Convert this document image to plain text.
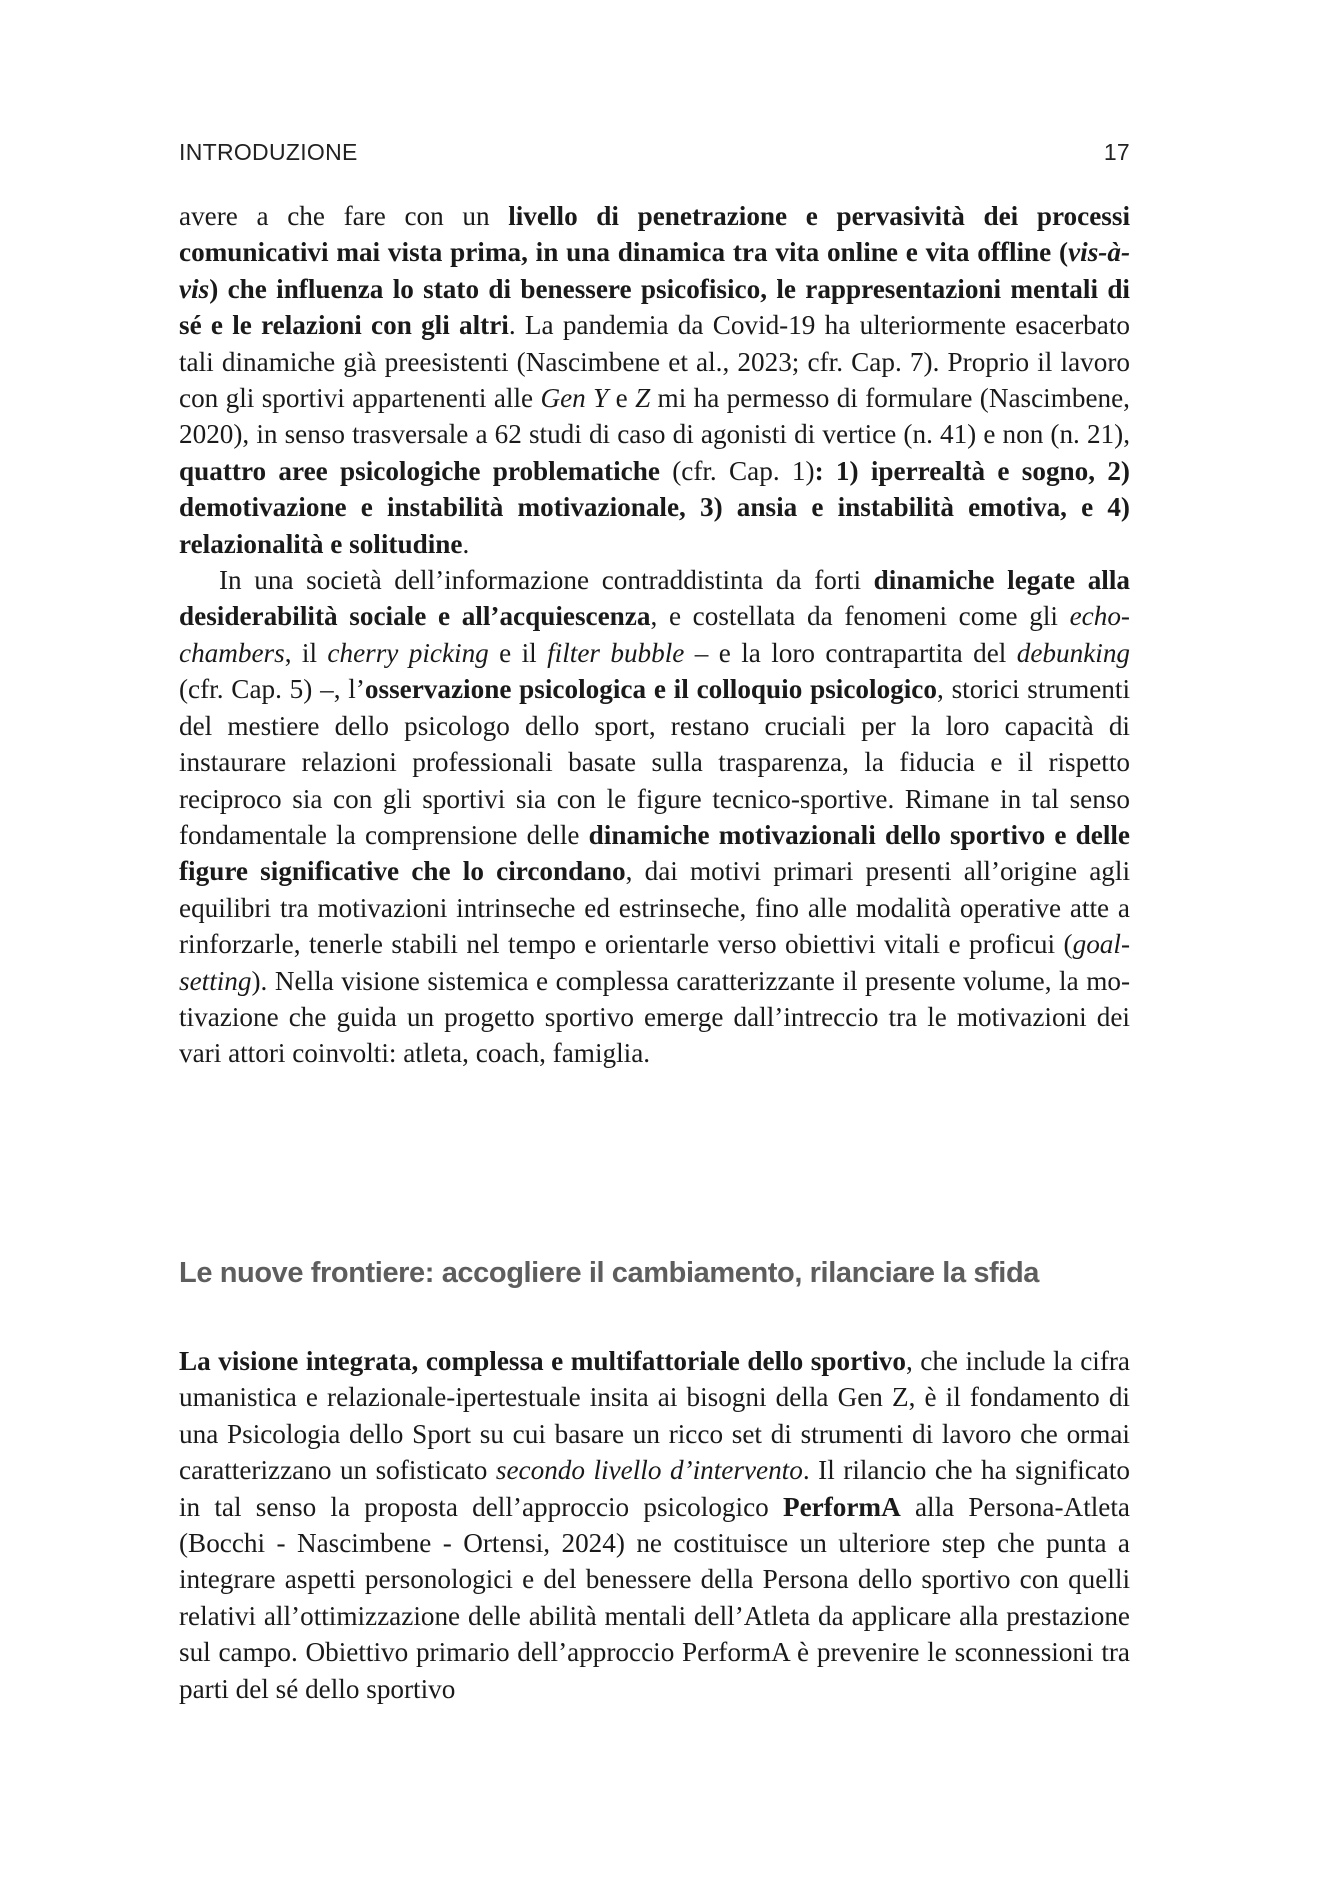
INTRODUZIONE	17

avere a che fare con un livello di penetrazione e pervasività dei processi comunicativi mai vista prima, in una dinamica tra vita online e vita offline (vis-à-vis) che influenza lo stato di benessere psicofisico, le rappresentazioni mentali di sé e le relazioni con gli altri. La pandemia da Covid-19 ha ulteriormente esacerbato tali dinamiche già preesistenti (Nascimbene et al., 2023; cfr. Cap. 7). Proprio il lavoro con gli sportivi appartenenti alle Gen Y e Z mi ha permesso di formulare (Nascimbene, 2020), in senso trasversale a 62 studi di caso di agonisti di vertice (n. 41) e non (n. 21), quattro aree psicologiche problematiche (cfr. Cap. 1): 1) iperrealtà e sogno, 2) demotivazione e instabilità motivazionale, 3) ansia e instabilità emotiva, e 4) relazionalità e solitudine.

In una società dell’informazione contraddistinta da forti dinamiche legate alla desiderabilità sociale e all’acquiescenza, e costellata da fenomeni come gli echo-chambers, il cherry picking e il filter bubble – e la loro contrapartita del debunking (cfr. Cap. 5) –, l’osservazione psicologica e il colloquio psicologico, storici strumenti del mestiere dello psicologo dello sport, restano cruciali per la loro capacità di instaurare relazioni professionali basate sulla trasparenza, la fiducia e il rispetto reciproco sia con gli sportivi sia con le figure tecnico-sportive. Rimane in tal senso fondamentale la comprensione delle dinamiche motivazionali dello sportivo e delle figure significative che lo circondano, dai motivi primari presenti all’origine agli equilibri tra motivazioni intrinseche ed estrinseche, fino alle modalità operative atte a rinforzarle, tenerle stabili nel tempo e orientarle verso obiettivi vitali e proficui (goal-setting). Nella visione sistemica e complessa caratterizzante il presente volume, la motivazione che guida un progetto sportivo emerge dall’intreccio tra le motivazioni dei vari attori coinvolti: atleta, coach, famiglia.

Le nuove frontiere: accogliere il cambiamento, rilanciare la sfida

La visione integrata, complessa e multifattoriale dello sportivo, che include la cifra umanistica e relazionale-ipertestuale insita ai bisogni della Gen Z, è il fondamento di una Psicologia dello Sport su cui basare un ricco set di strumenti di lavoro che ormai caratterizzano un sofisticato secondo livello d’intervento. Il rilancio che ha significato in tal senso la proposta dell’approccio psicologico PerformA alla Persona-Atleta (Bocchi - Nascimbene - Ortensi, 2024) ne costituisce un ulteriore step che punta a integrare aspetti personologici e del benessere della Persona dello sportivo con quelli relativi all’ottimizzazione delle abilità mentali dell’Atleta da applicare alla prestazione sul campo. Obiettivo primario dell’approccio PerformA è prevenire le sconnessioni tra parti del sé dello sportivo
